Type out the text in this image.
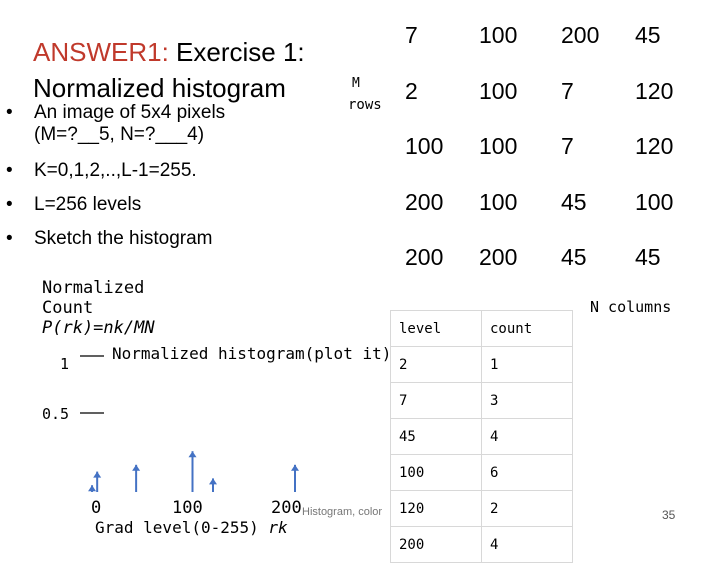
ANSWER1: Exercise 1:
Normalized histogram
• An image of 5x4 pixels
(M=?__5, N=?___4)
• K=0,1,2,..,L-1=255.
• L=256 levels
• Sketch the histogram
M
rows
N columns
7	100	200	45
2	100	7	120
100	100	7	120
200	100	45	100
200	200	45	45
level	count
2	1
7	3
45	4
100	6
120	2
200	4
Normalized
Count
P(rk)=nk/MN
Normalized histogram(plot it)
1
0.5
0	100	200
Grad level(0-255) rk
Histogram, color	35
